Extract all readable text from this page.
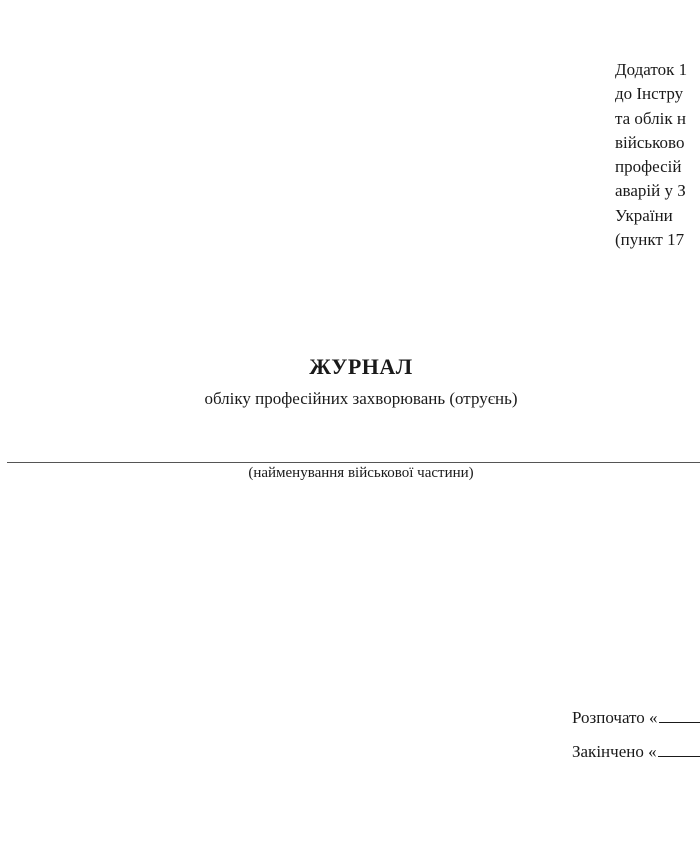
Додаток 1
до Інстру
та облік н
військово
професій
аварій у З
України
(пункт 17
ЖУРНАЛ
обліку професійних захворювань (отруєнь)
(найменування військової частини)
Розпочато «
Закінчено «
